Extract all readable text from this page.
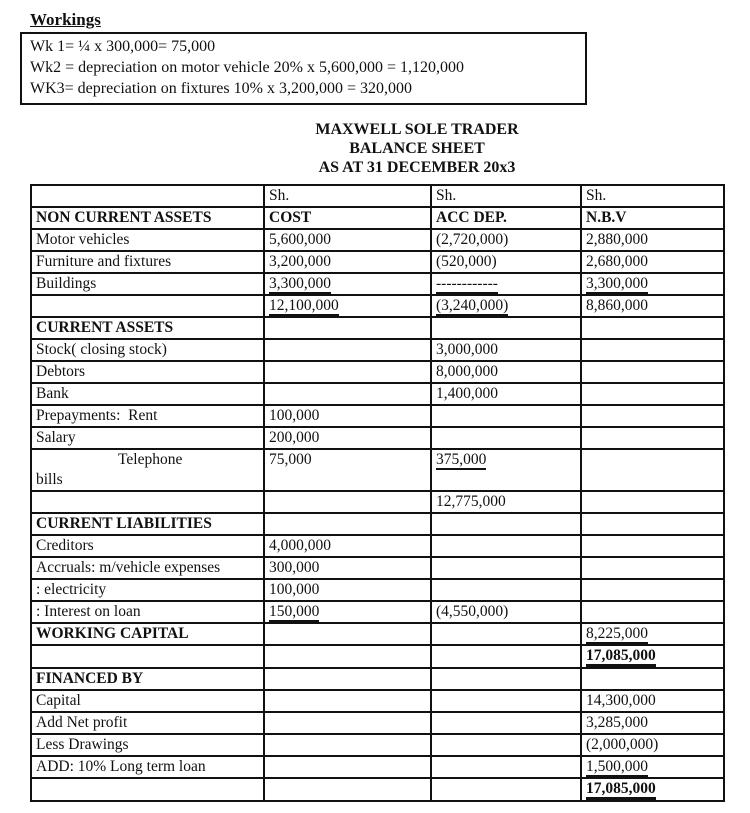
Workings
Wk 1= ¼ x 300,000= 75,000
Wk2 = depreciation on motor vehicle 20% x 5,600,000 = 1,120,000
WK3= depreciation on fixtures 10% x 3,200,000 = 320,000
MAXWELL SOLE TRADER
BALANCE SHEET
AS AT 31 DECEMBER 20x3
	Sh.	Sh.	Sh.
NON CURRENT ASSETS	COST	ACC DEP.	N.B.V
Motor vehicles	5,600,000	(2,720,000)	2,880,000
Furniture and fixtures	3,200,000	(520,000)	2,680,000
Buildings	3,300,000	------------	3,300,000
	12,100,000	(3,240,000)	8,860,000
CURRENT ASSETS			
Stock( closing stock)		3,000,000	
Debtors		8,000,000	
Bank		1,400,000	
Prepayments:  Rent	100,000		
Salary	200,000		

Telephone
bills	75,000	375,000	
		12,775,000	
CURRENT LIABILITIES			
Creditors	4,000,000		
Accruals: m/vehicle expenses	300,000		
: electricity	100,000		
: Interest on loan	150,000	(4,550,000)	
WORKING CAPITAL			8,225,000
			17,085,000
FINANCED BY			
Capital			14,300,000
Add Net profit			3,285,000
Less Drawings			(2,000,000)
ADD: 10% Long term loan			1,500,000
			17,085,000
